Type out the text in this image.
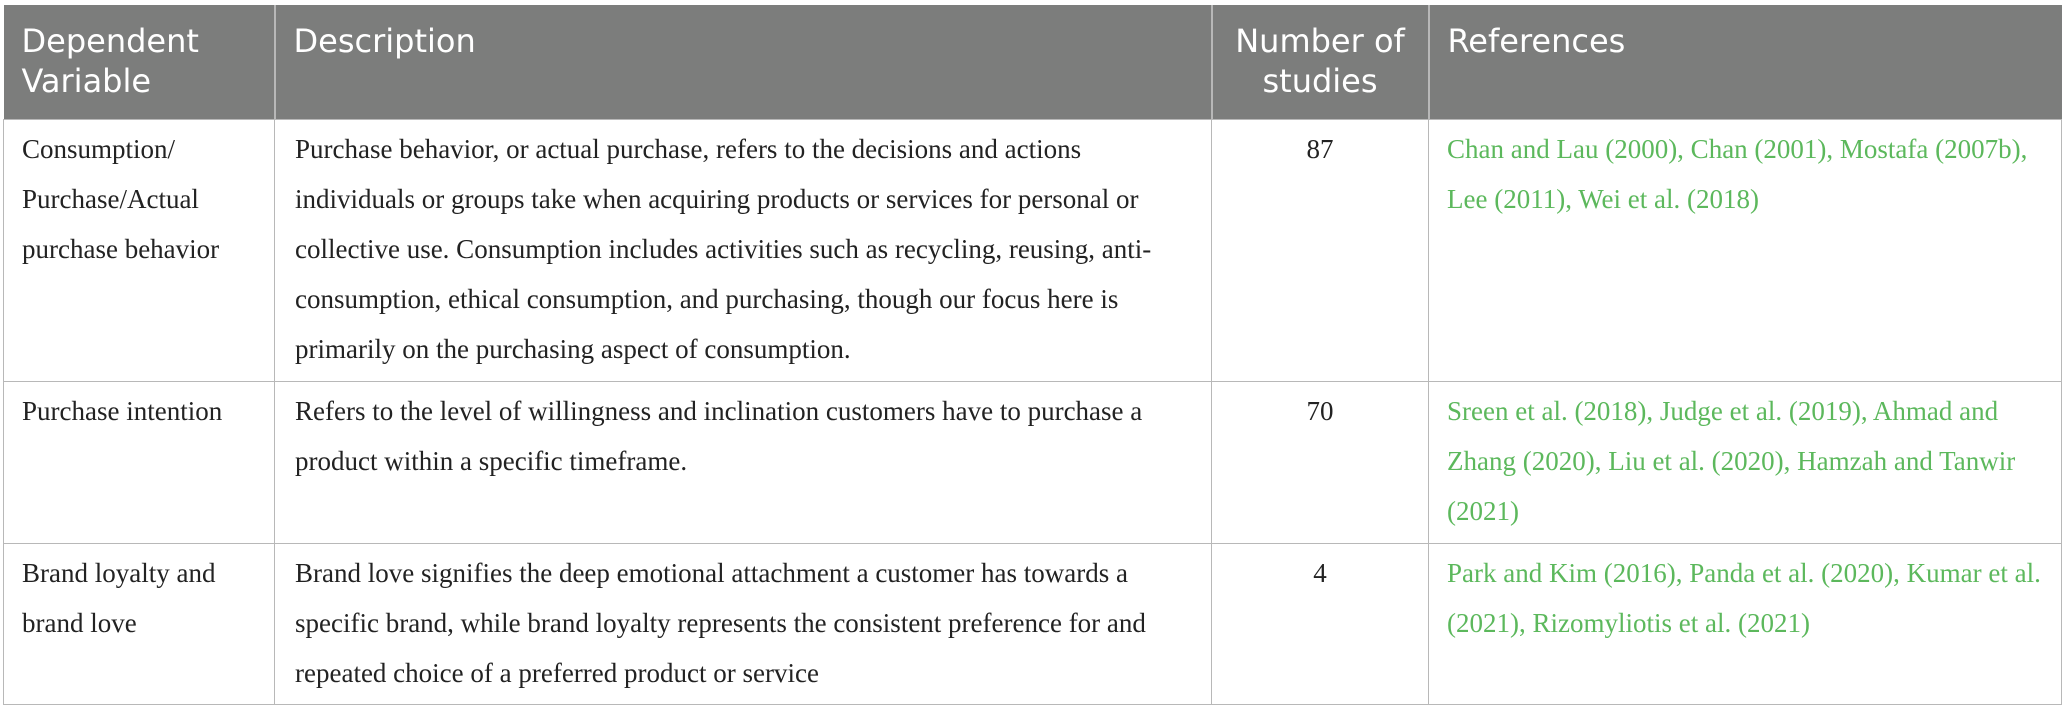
Dependent Variable	Description	Number of studies	References
Consumption/ Purchase/Actual purchase behavior	Purchase behavior, or actual purchase, refers to the decisions and actions individuals or groups take when acquiring products or services for personal or collective use. Consumption includes activities such as recycling, reusing, anti-consumption, ethical consumption, and purchasing, though our focus here is primarily on the purchasing aspect of consumption.	87	Chan and Lau (2000), Chan (2001), Mostafa (2007b), Lee (2011), Wei et al. (2018)
Purchase intention	Refers to the level of willingness and inclination customers have to purchase a product within a specific timeframe.	70	Sreen et al. (2018), Judge et al. (2019), Ahmad and Zhang (2020), Liu et al. (2020), Hamzah and Tanwir (2021)
Brand loyalty and brand love	Brand love signifies the deep emotional attachment a customer has towards a specific brand, while brand loyalty represents the consistent preference for and repeated choice of a preferred product or service	4	Park and Kim (2016), Panda et al. (2020), Kumar et al. (2021), Rizomyliotis et al. (2021)
